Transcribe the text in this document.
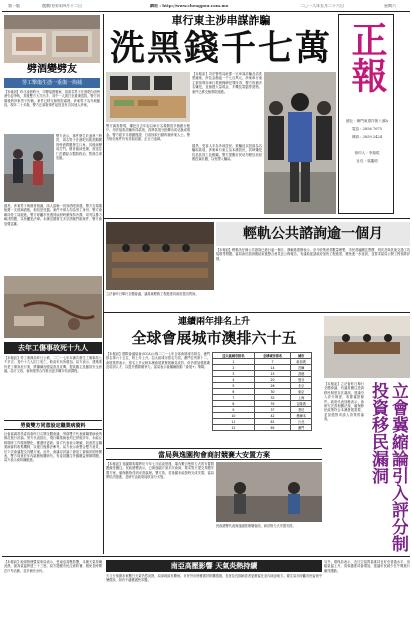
第一版	農曆戊戌年四月十二日	網站 : http://www.chengpou.com.mo	二〇一八年五月二十六日	星期六
劈酒變劈友
勞工擊傷生憑一重傷一拘捕
【本報訊】昨日凌晨時分，司警接獲報案，指兩名男子在酒吧內因劈酒引起爭執，其後雙方大打出手，其中一人被打至重傷送院。警方到場後將涉案男子拘捕，案件已移交檢察院處理。涉案男子為外地僱員，現年二十多歲，警方正調查事件起因及有否其他人涉案。
警方表示，事件發生於凌晨三時許，兩名男子在酒吧內飲酒期間因劈酒問題發生口角，其後演變成打鬥。傷者頭部受傷，被送往仁伯爵綜合醫院救治，暫無生命危險。
據悉，涉案男子與傷者相識，兩人當晚一同到酒吧消遣。警方在現場檢獲一支玻璃酒瓶，相信是兇器。案件中兩人均為勞工身份，警方會聯同勞工局跟進。警方呼籲市民遇到糾紛時應保持冷靜，切勿以暴力解決問題，以免觸犯法律。本澳近期發生多宗酒後鬥毆案件，警方會加強巡邏。
去年工傷事故死十九人
【本報訊】勞工事務局昨日公佈，二〇一七年本澳共發生工傷事故七千多宗，其中十九人因工死亡，較前年有所增加。局方表示，建築業仍是工傷高危行業，將繼續加強巡查及宣傳，提高僱主及僱員安全意識。局方又指，會與業界合作推出更多職安培訓課程。
勞資雙方同意設定職業病資料
社會協調常設委員會昨日召開全體會議，勞資雙方代表就職業病表列修訂進行討論。勞方代表指出，現行職業病表列已實施多年，未能反映現時工作環境變化，應盡快更新。資方代表表示理解，同意設定職業病資料收集機制，以便日後修法參考。局方表示會整合雙方意見，於下次會議提交具體方案。此外，會議亦討論了最低工資檢討的時間表，雙方同意於年內啟動相關研究。有委員關注外僱權益保障問題，局方表示會持續跟進。
車行東主涉串謀詐騙
洗黑錢千七萬 正報
總社 : 澳門東望洋街八號A
電話 : 2856 7675
傳真 : 2859 2424
督印人 : 李瑞琨
社長 : 莫鑑明
【本報訊】司法警察局破獲一宗串謀詐騙及清洗黑錢案，涉及金額逾一千七百萬元。涉案車行東主被指利用車行業務掩飾犯罪所得，警方拘捕多名嫌犯，並檢獲大量現金、手機及電腦等證物。案件已移交檢察院跟進。
警方調查發現，嫌犯自去年起以車行名義開設多個銀行帳戶，用作接收詐騙所得款項，再將款項分批轉出或兌換成現金。警方經多月跟蹤搜證，日前採取行動拘捕涉案人士。警方相信案件仍有其他同黨，正全力追緝。
據悉，受害人多為外地居民，被騙徒以投資為名騙取款項。涉案車行東主為本澳居民，其餘嫌犯包括其員工及親屬。警方提醒市民切勿輕信高回報投資計劃，以免墮入騙局。
輕軌公共諮詢逾一個月
【本報訊】輕軌氹仔線公共諮詢已進行逾一個月，運輸基建辦表示，至今收集意見數量理想，市民普遍關注票價、班次及與其他交通工具接駁等問題。當局會於諮詢期結束後整合意見並公佈報告。有議員促請政府加快工程進度，避免進一步延誤，並要求當局公開工程預算詳情。
立法會昨日舉行全體會議，議員就輕軌工程進度向政府提出質詢。
連續兩年排名上升
全球會展城市澳排六十五
【本報訊】國際會議協會(ICCA)公佈二〇一七年全球會展城市排名，澳門排名第六十五位，較上年上升。亞太區城市排名方面，澳門位列第十二。會展業界表示，排名上升反映本澳會展業發展漸見成效，但仍需加強推廣及培訓人才，以提升國際競爭力。當局表示會繼續推動「會展+」策略。
亞太區城市排名	全球城市排名	城市
1	7	新加坡
2	14	首爾
3	15	香港
4	20	曼谷
5	26	北京
6	30	東京
7	32	上海
8	35	吉隆坡
9	37	悉尼
10	42	墨爾本
11	61	台北
12	65	澳門
當局與逸園拘會商討競賽大安置方案
【本報訊】逸園賽狗場將於今年七月結束營運，場內數百隻格力犬的安置問題備受關注。民政總署表示，已與逸園方面多次會商，要求對方提交具體安置方案，確保動物得到妥善處理。署方指，若逸園未能按時完成安置，當局將依法跟進，並研究由政府接收部分犬隻。
民政總署代表與逸園管理層會面，商討格力犬安置安排。	立會冀縮論引入評分制投資移民漏洞
【本報訊】立法會昨日舉行全體會議，有議員關注投資移民制度存在漏洞，建議引入評分制度，收緊審批條件。政府代表回應表示，會研究完善相關法規，確保移民政策符合本澳發展需要，並加強對申請人背景的審查。
【本報訊】地球物理暨氣象局表示，受南亞高壓影響，本澳天氣持續炎熱，最高氣溫將達三十三度。局方提醒市民注意防暑，避免長時間在戶外活動，並多補充水份。
南亞高壓影響 天氣炎熱持續
天文台預測未來數日天氣仍然炎熱，局部地區有驟雨。市民外出時應做好防曬措施，長者及長期病患者更應留在室內陰涼地方。衛生局亦呼籲市民留意中暑徵狀，如有不適應盡快求醫。
另外，環保局表示，近日空氣質素維持良好至普通水平，但隨氣溫上升，臭氧濃度或會增加，建議市民減少在午間進行劇烈運動。
